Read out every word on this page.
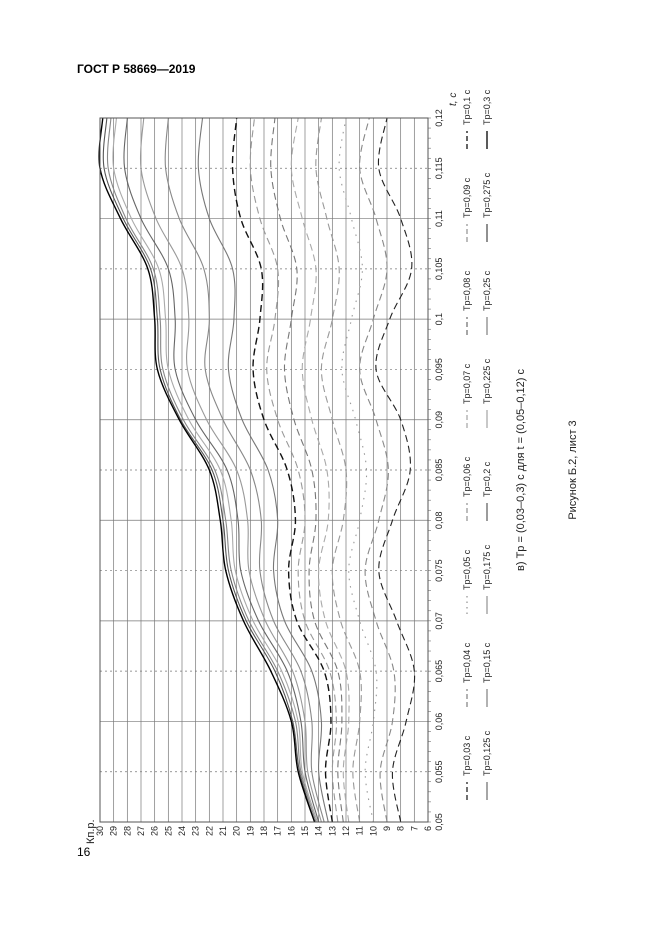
ГОСТ Р 58669—2019
6
7
8
9
10
11
12
13
14
15
16
17
18
19
20
21
22
23
24
25
26
27
28
29
30
0,05
0,055
0,06
0,065
0,07
0,075
0,08
0,085
0,09
0,095
0,1
0,105
0,11
0,115
0,12
Кп.р.
t, с
Tр=0,03 с
Tр=0,04 с
Tр=0,05 с
Tр=0,06 с
Tр=0,07 с
Tр=0,08 с
Tр=0,09 с
Tр=0,1 с
Tр=0,125 с
Tр=0,15 с
Tр=0,175 с
Tр=0,2 с
Tр=0,225 с
Tр=0,25 с
Tр=0,275 с
Tр=0,3 с
в) Tр = (0,03–0,3) с для t = (0,05–0,12) с	Рисунок Б.2, лист 3
16
